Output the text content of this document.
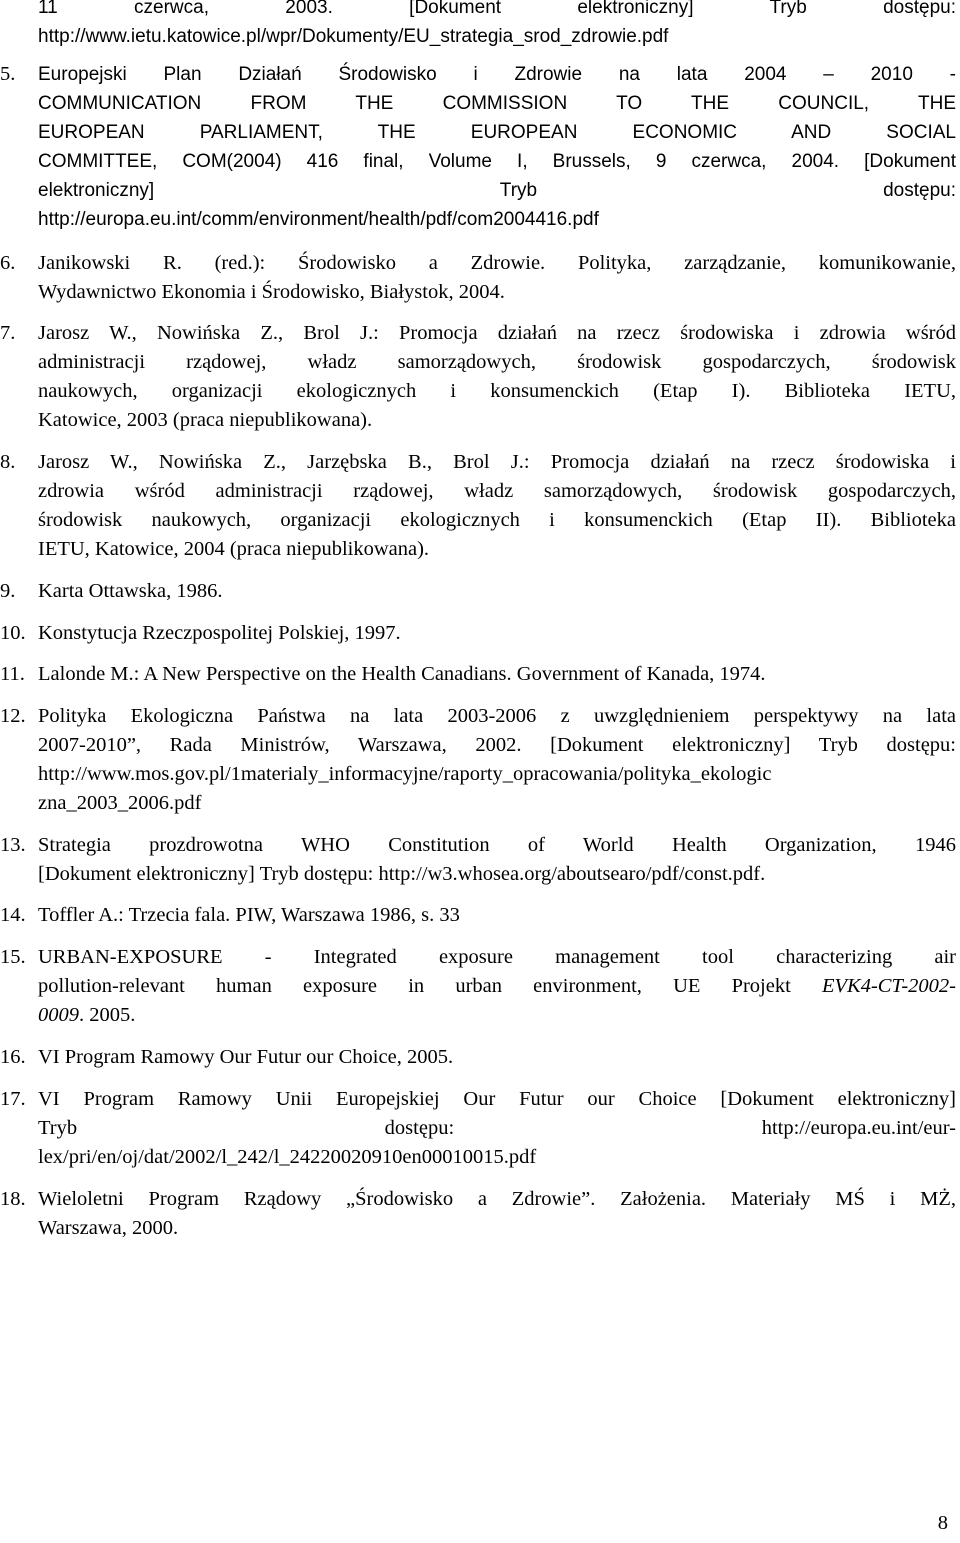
11 czerwca, 2003. [Dokument elektroniczny] Tryb dostępu:
http://www.ietu.katowice.pl/wpr/Dokumenty/EU_strategia_srod_zdrowie.pdf
5.	Europejski Plan Działań Środowisko i Zdrowie na lata 2004 – 2010 -
COMMUNICATION FROM THE COMMISSION TO THE COUNCIL, THE
EUROPEAN PARLIAMENT, THE EUROPEAN ECONOMIC AND SOCIAL
COMMITTEE, COM(2004) 416 final, Volume I, Brussels, 9 czerwca, 2004. [Dokument
elektroniczny] Tryb dostępu:
http://europa.eu.int/comm/environment/health/pdf/com2004416.pdf
6.	Janikowski R. (red.): Środowisko a Zdrowie. Polityka, zarządzanie, komunikowanie,
Wydawnictwo Ekonomia i Środowisko, Białystok, 2004.
7.	Jarosz W., Nowińska Z., Brol J.: Promocja działań na rzecz środowiska i zdrowia wśród
administracji rządowej, władz samorządowych, środowisk gospodarczych, środowisk
naukowych, organizacji ekologicznych i konsumenckich (Etap I). Biblioteka IETU,
Katowice, 2003 (praca niepublikowana).
8.	Jarosz W., Nowińska Z., Jarzębska B., Brol J.: Promocja działań na rzecz środowiska i
zdrowia wśród administracji rządowej, władz samorządowych, środowisk gospodarczych,
środowisk naukowych, organizacji ekologicznych i konsumenckich (Etap II). Biblioteka
IETU, Katowice, 2004 (praca niepublikowana).
9.	Karta Ottawska, 1986.
10. Konstytucja Rzeczpospolitej Polskiej, 1997.
11. Lalonde M.: A New Perspective on the Health Canadians. Government of Kanada, 1974.
12. Polityka Ekologiczna Państwa na lata 2003-2006 z uwzględnieniem perspektywy na lata
2007-2010”, Rada Ministrów, Warszawa, 2002. [Dokument elektroniczny] Tryb dostępu:
http://www.mos.gov.pl/1materialy_informacyjne/raporty_opracowania/polityka_ekologic
zna_2003_2006.pdf
13. Strategia prozdrowotna WHO Constitution of World Health Organization, 1946
[Dokument elektroniczny] Tryb dostępu: http://w3.whosea.org/aboutsearo/pdf/const.pdf.
14. Toffler A.: Trzecia fala. PIW, Warszawa 1986, s. 33
15. URBAN-EXPOSURE - Integrated exposure management tool characterizing air
pollution-relevant human exposure in urban environment, UE Projekt EVK4-CT-2002-
0009. 2005.
16. VI Program Ramowy Our Futur our Choice, 2005.
17. VI Program Ramowy Unii Europejskiej Our Futur our Choice [Dokument elektroniczny]
Tryb dostępu: http://europa.eu.int/eur-
lex/pri/en/oj/dat/2002/l_242/l_24220020910en00010015.pdf
18. Wieloletni Program Rządowy „Środowisko a Zdrowie”. Założenia. Materiały MŚ i MŻ,
Warszawa, 2000.
8
